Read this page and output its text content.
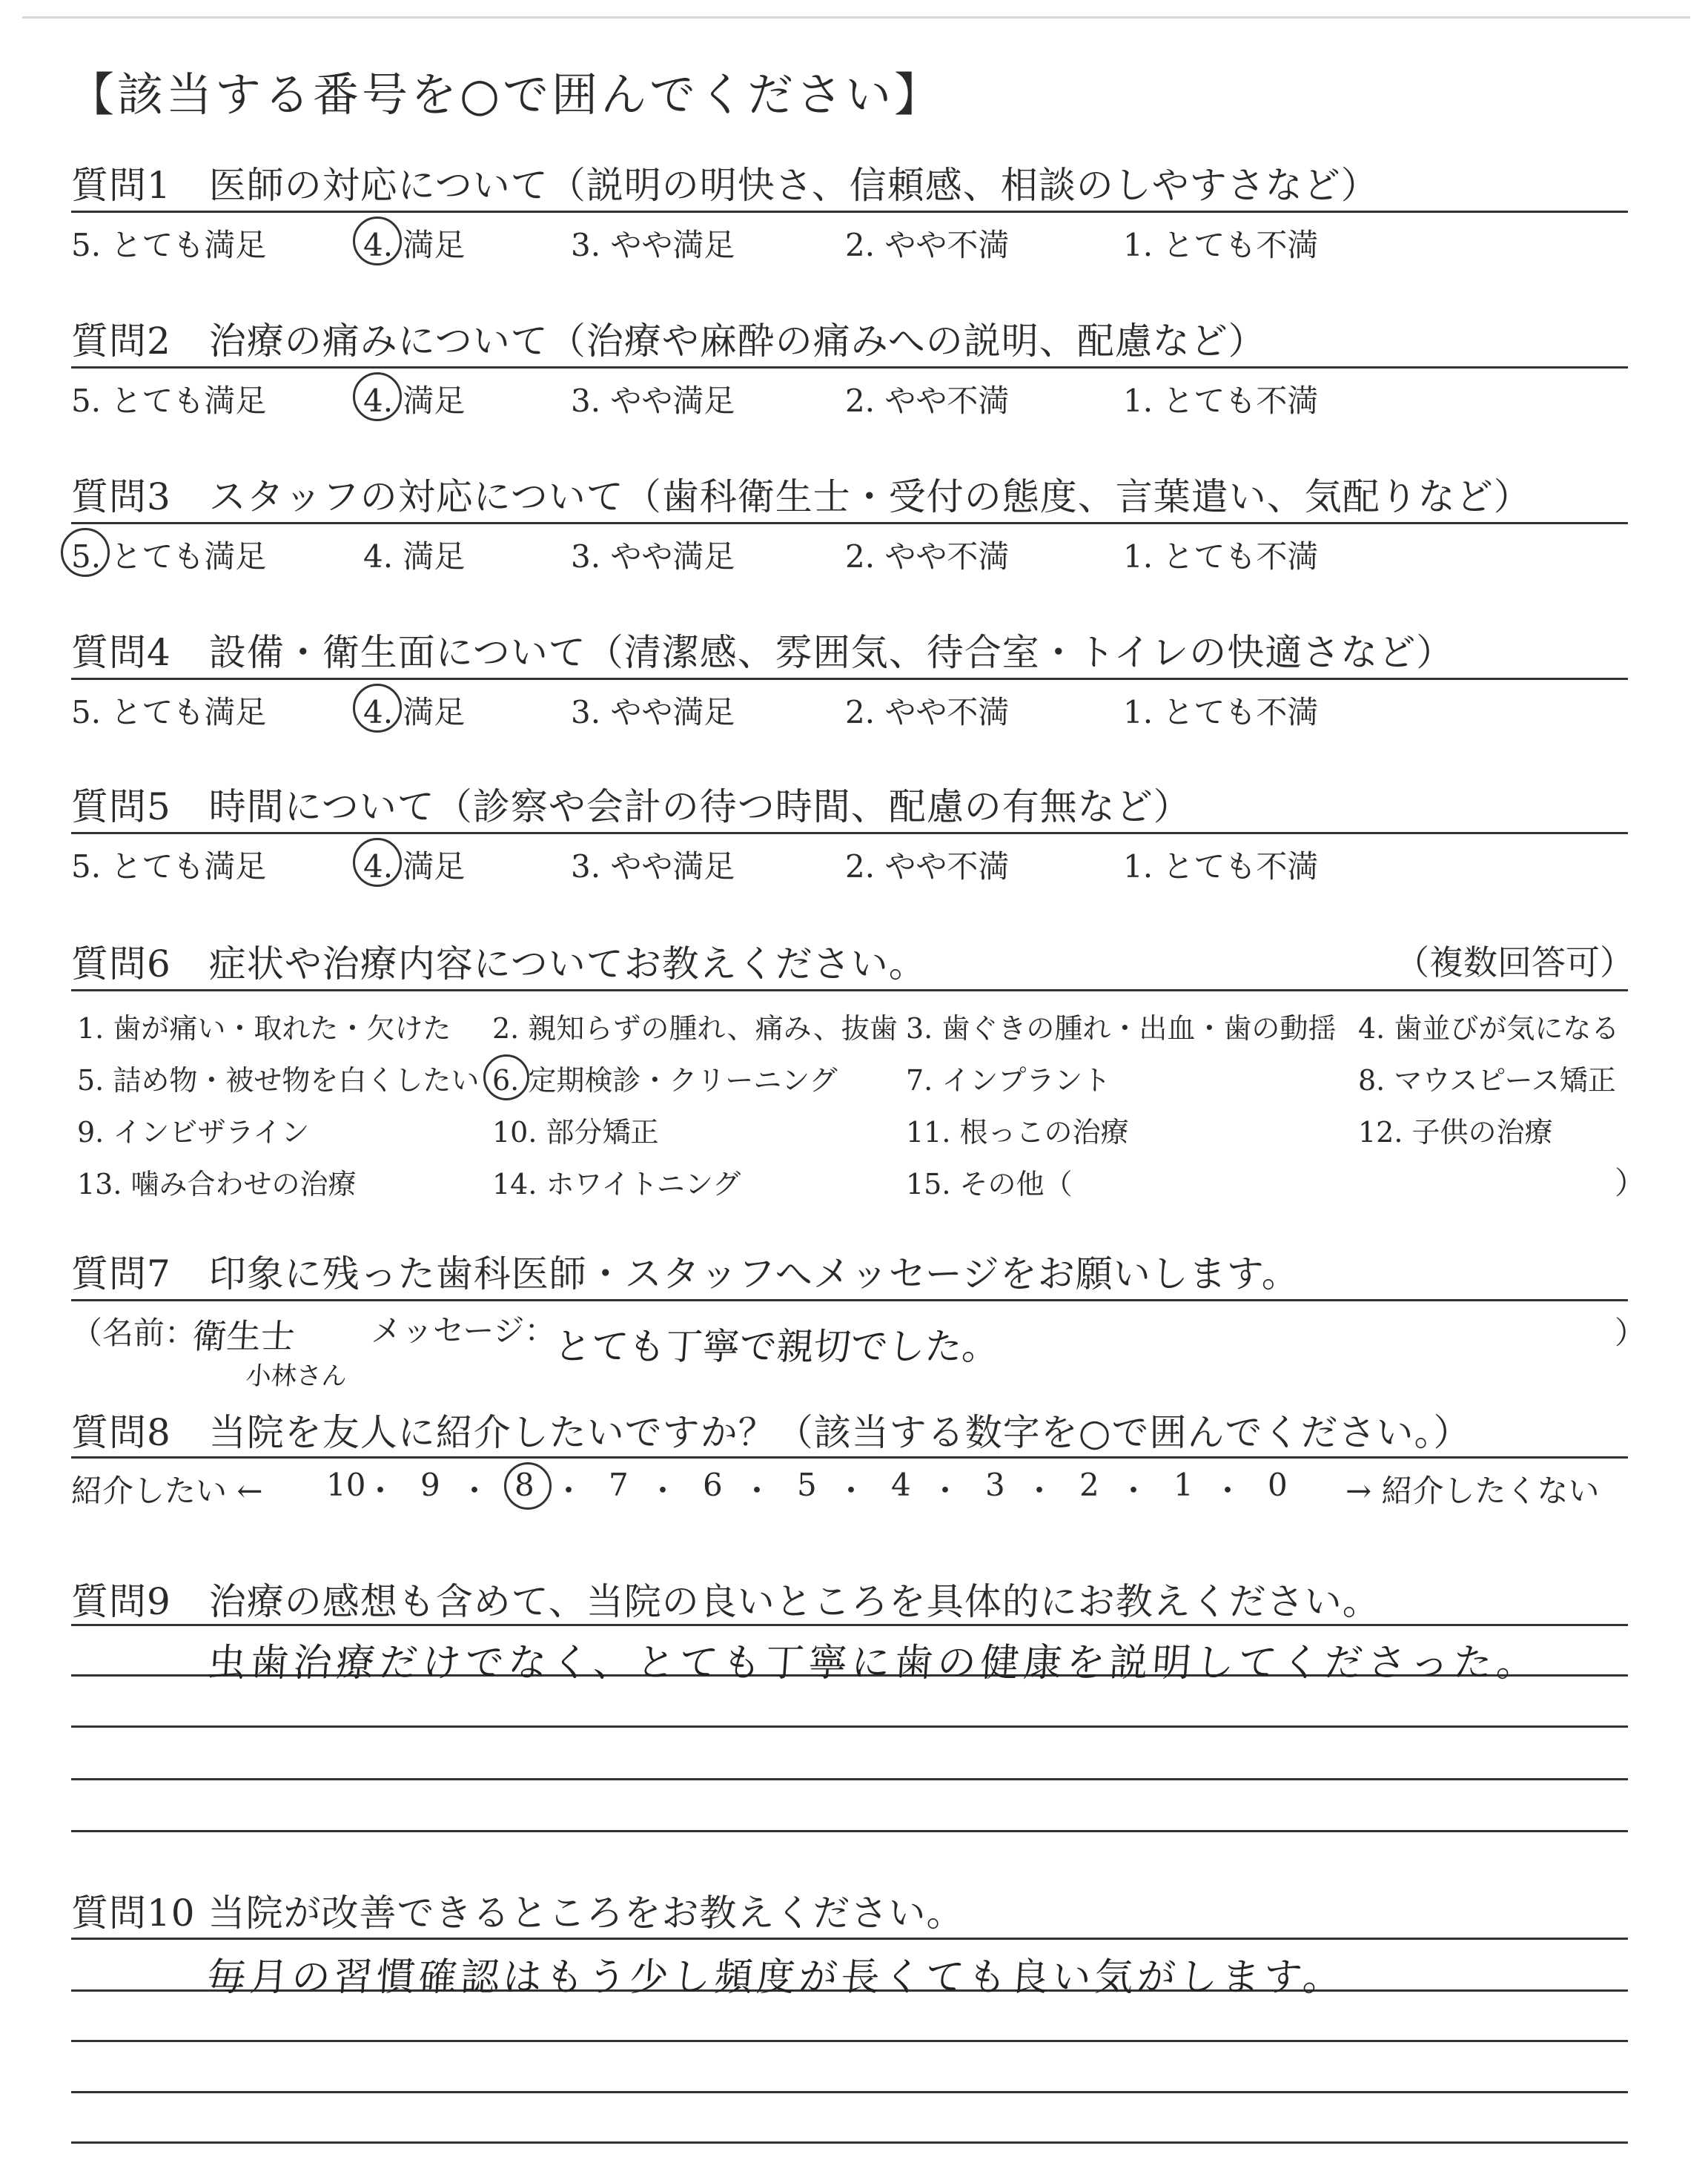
【該当する番号を○で囲んでください】
質問1　医師の対応について（説明の明快さ、信頼感、相談のしやすさなど）
5. とても満足	4. 満足	3. やや満足	2. やや不満	1. とても不満
質問2　治療の痛みについて（治療や麻酔の痛みへの説明、配慮など）
5. とても満足	4. 満足	3. やや満足	2. やや不満	1. とても不満
質問3　スタッフの対応について（歯科衛生士・受付の態度、言葉遣い、気配りなど）
5. とても満足	4. 満足	3. やや満足	2. やや不満	1. とても不満
質問4　設備・衛生面について（清潔感、雰囲気、待合室・トイレの快適さなど）
5. とても満足	4. 満足	3. やや満足	2. やや不満	1. とても不満
質問5　時間について（診察や会計の待つ時間、配慮の有無など）
5. とても満足	4. 満足	3. やや満足	2. やや不満	1. とても不満
質問6　症状や治療内容についてお教えください。	（複数回答可）
1. 歯が痛い・取れた・欠けた 2. 親知らずの腫れ、痛み、抜歯 3. 歯ぐきの腫れ・出血・歯の動揺 4. 歯並びが気になる
5. 詰め物・被せ物を白くしたい 6. 定期検診・クリーニング 7. インプラント	8. マウスピース矯正
9. インビザライン	10. 部分矯正	11. 根っこの治療	12. 子供の治療
13. 噛み合わせの治療	14. ホワイトニング	15. その他（	）
質問7　印象に残った歯科医師・スタッフへメッセージをお願いします。
（名前：
衛生士
小林さん
メッセージ：
とても丁寧で親切でした。	）
質問8　当院を友人に紹介したいですか？（該当する数字を○で囲んでください。）
紹介したい ← 10
・ 9 ・ 8 ・ 7 ・ 6 ・ 5 ・ 4 ・ 3 ・ 2 ・ 1 ・ 0 → 紹介したくない
質問9　治療の感想も含めて、当院の良いところを具体的にお教えください。
虫歯治療だけでなく、とても丁寧に歯の健康を説明してくださった。
質問10 当院が改善できるところをお教えください。
毎月の習慣確認はもう少し頻度が長くても良い気がします。
